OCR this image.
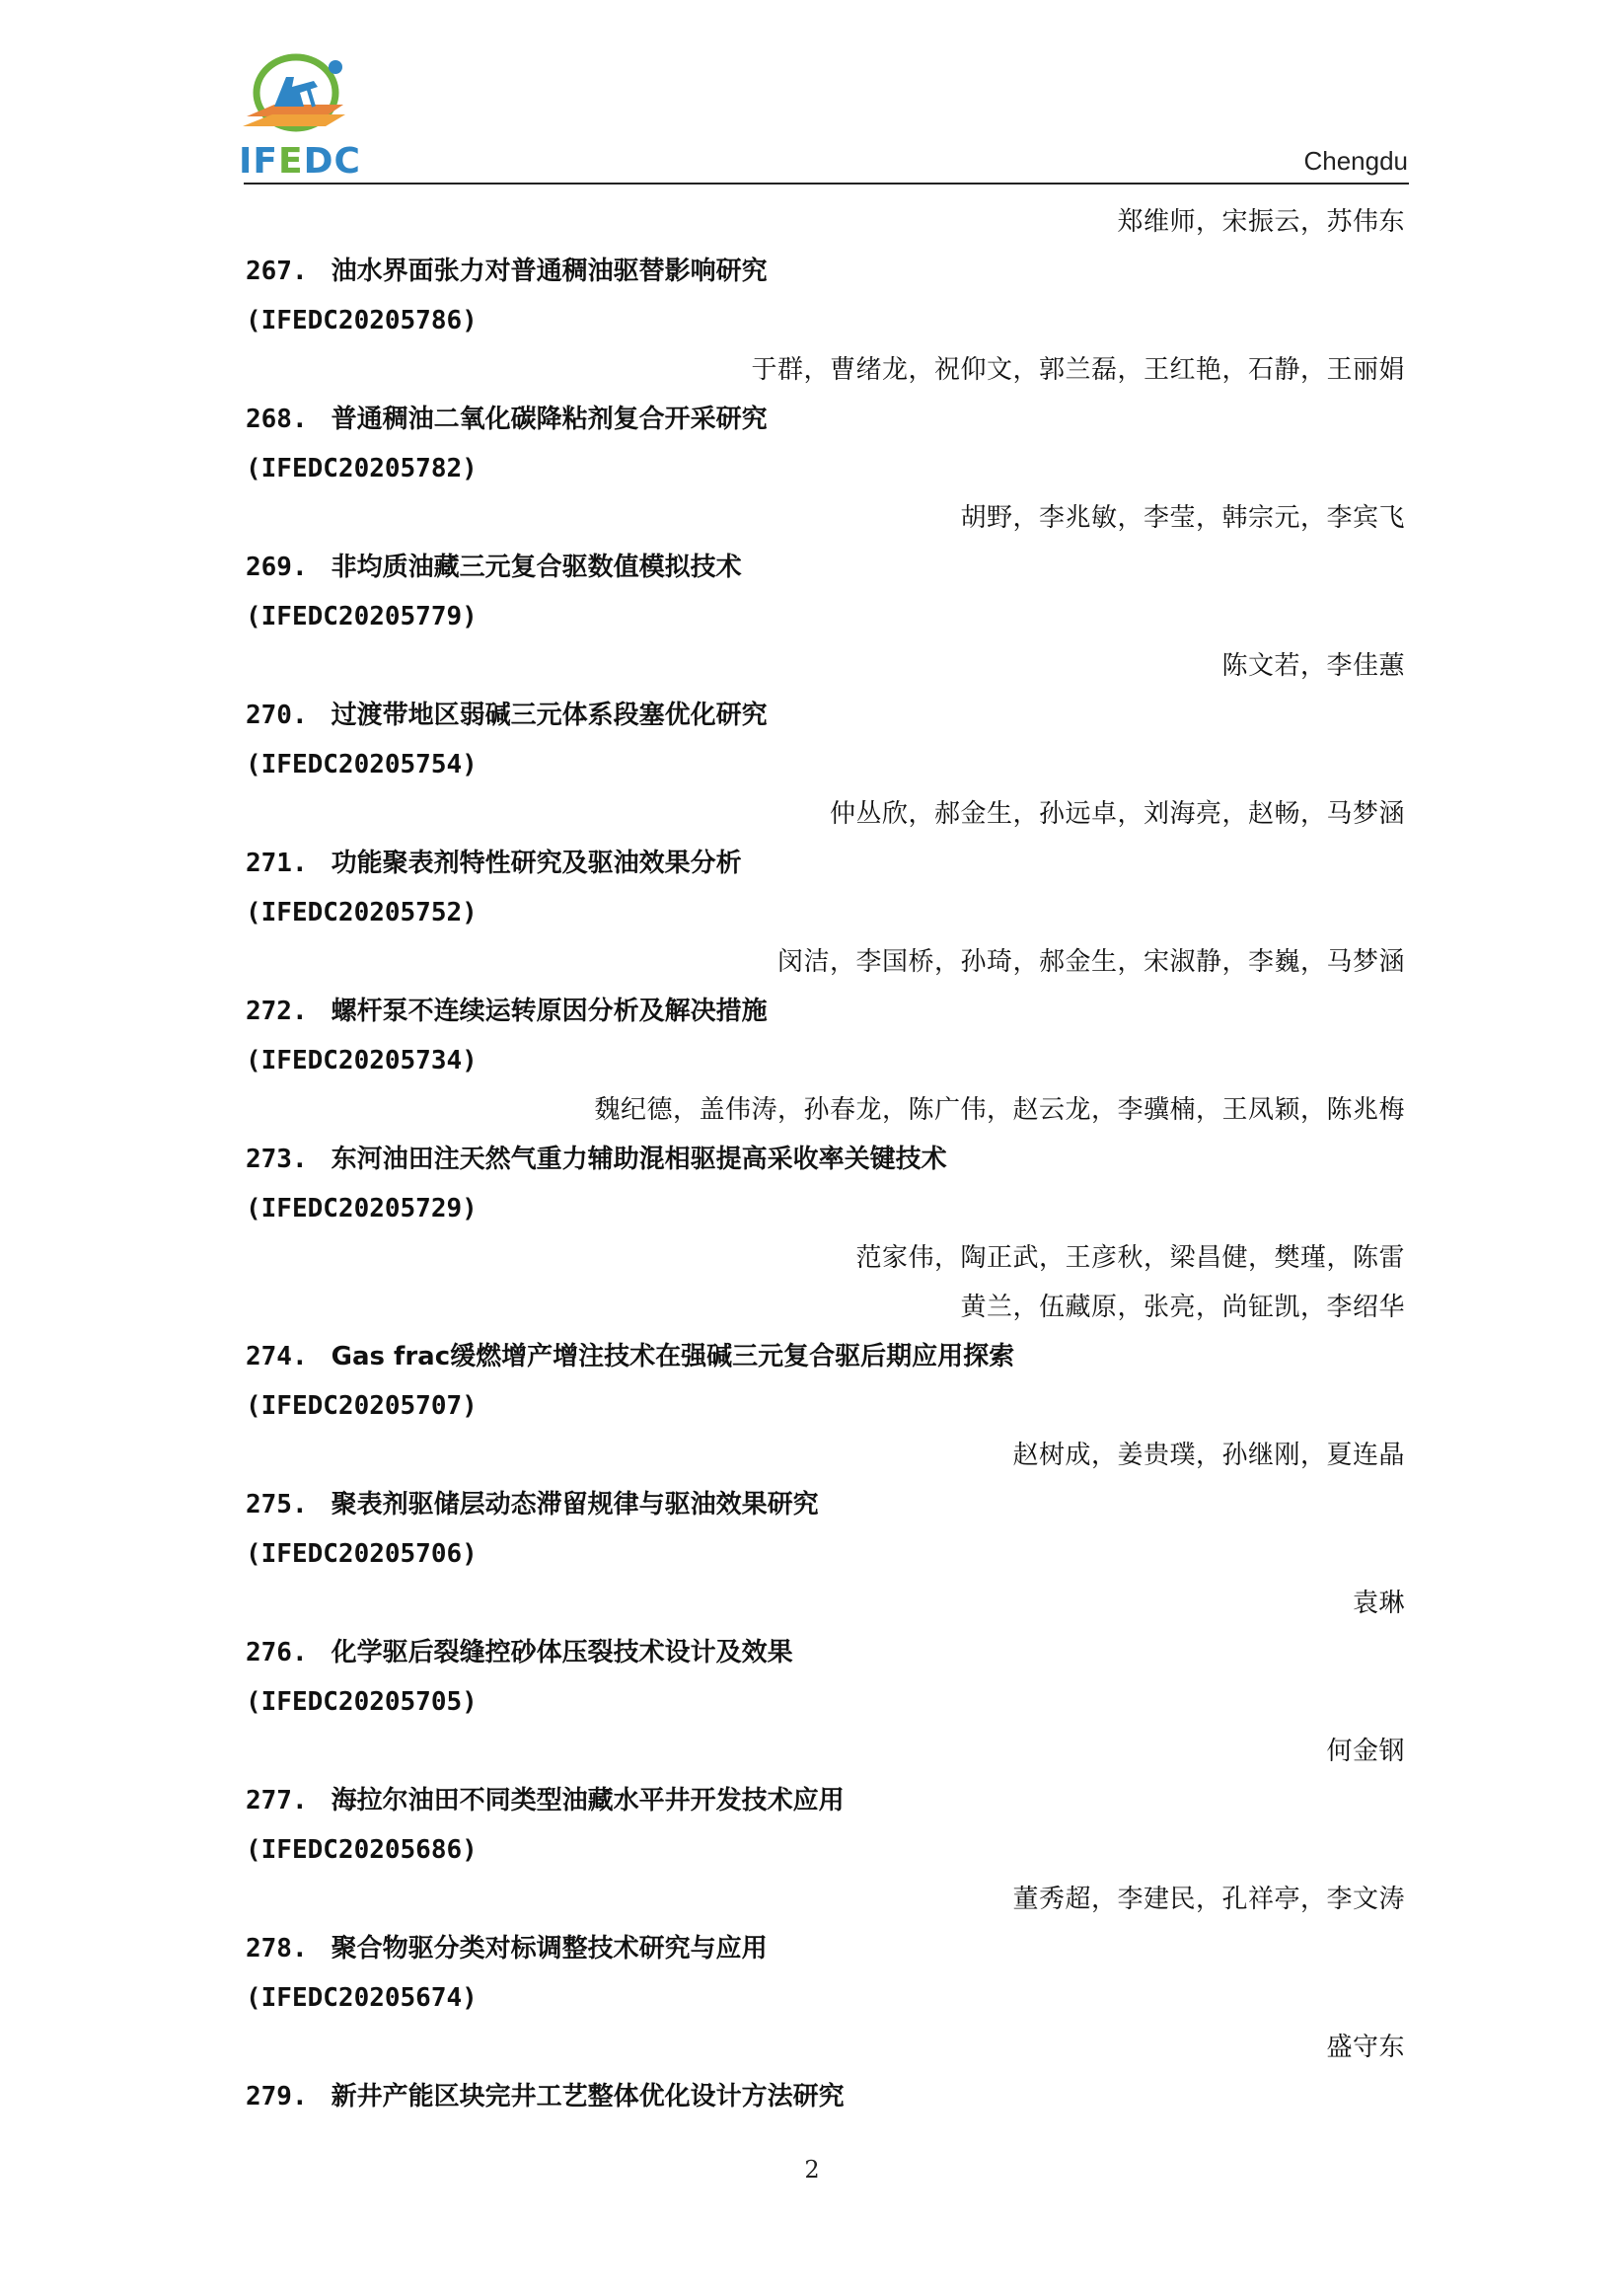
IFEDC	Chengdu
郑维师，宋振云，苏伟东
267. 油水界面张力对普通稠油驱替影响研究
(IFEDC20205786)
于群，曹绪龙，祝仰文，郭兰磊，王红艳，石静，王丽娟
268. 普通稠油二氧化碳降粘剂复合开采研究
(IFEDC20205782)
胡野，李兆敏，李莹，韩宗元，李宾飞
269. 非均质油藏三元复合驱数值模拟技术
(IFEDC20205779)
陈文若，李佳蕙
270. 过渡带地区弱碱三元体系段塞优化研究
(IFEDC20205754)
仲丛欣，郝金生，孙远卓，刘海亮，赵畅，马梦涵
271. 功能聚表剂特性研究及驱油效果分析
(IFEDC20205752)
闵洁，李国桥，孙琦，郝金生，宋淑静，李巍，马梦涵
272. 螺杆泵不连续运转原因分析及解决措施
(IFEDC20205734)
魏纪德，盖伟涛，孙春龙，陈广伟，赵云龙，李骥楠，王凤颖，陈兆梅
273. 东河油田注天然气重力辅助混相驱提高采收率关键技术
(IFEDC20205729)
范家伟，陶正武，王彦秋，梁昌健，樊瑾，陈雷
黄兰，伍藏原，张亮，尚钲凯，李绍华
274. Gas frac缓燃增产增注技术在强碱三元复合驱后期应用探索
(IFEDC20205707)
赵树成，姜贵璞，孙继刚，夏连晶
275. 聚表剂驱储层动态滞留规律与驱油效果研究
(IFEDC20205706)
袁琳
276. 化学驱后裂缝控砂体压裂技术设计及效果
(IFEDC20205705)
何金钢
277. 海拉尔油田不同类型油藏水平井开发技术应用
(IFEDC20205686)
董秀超，李建民，孔祥亭，李文涛
278. 聚合物驱分类对标调整技术研究与应用
(IFEDC20205674)
盛守东
279. 新井产能区块完井工艺整体优化设计方法研究
2
